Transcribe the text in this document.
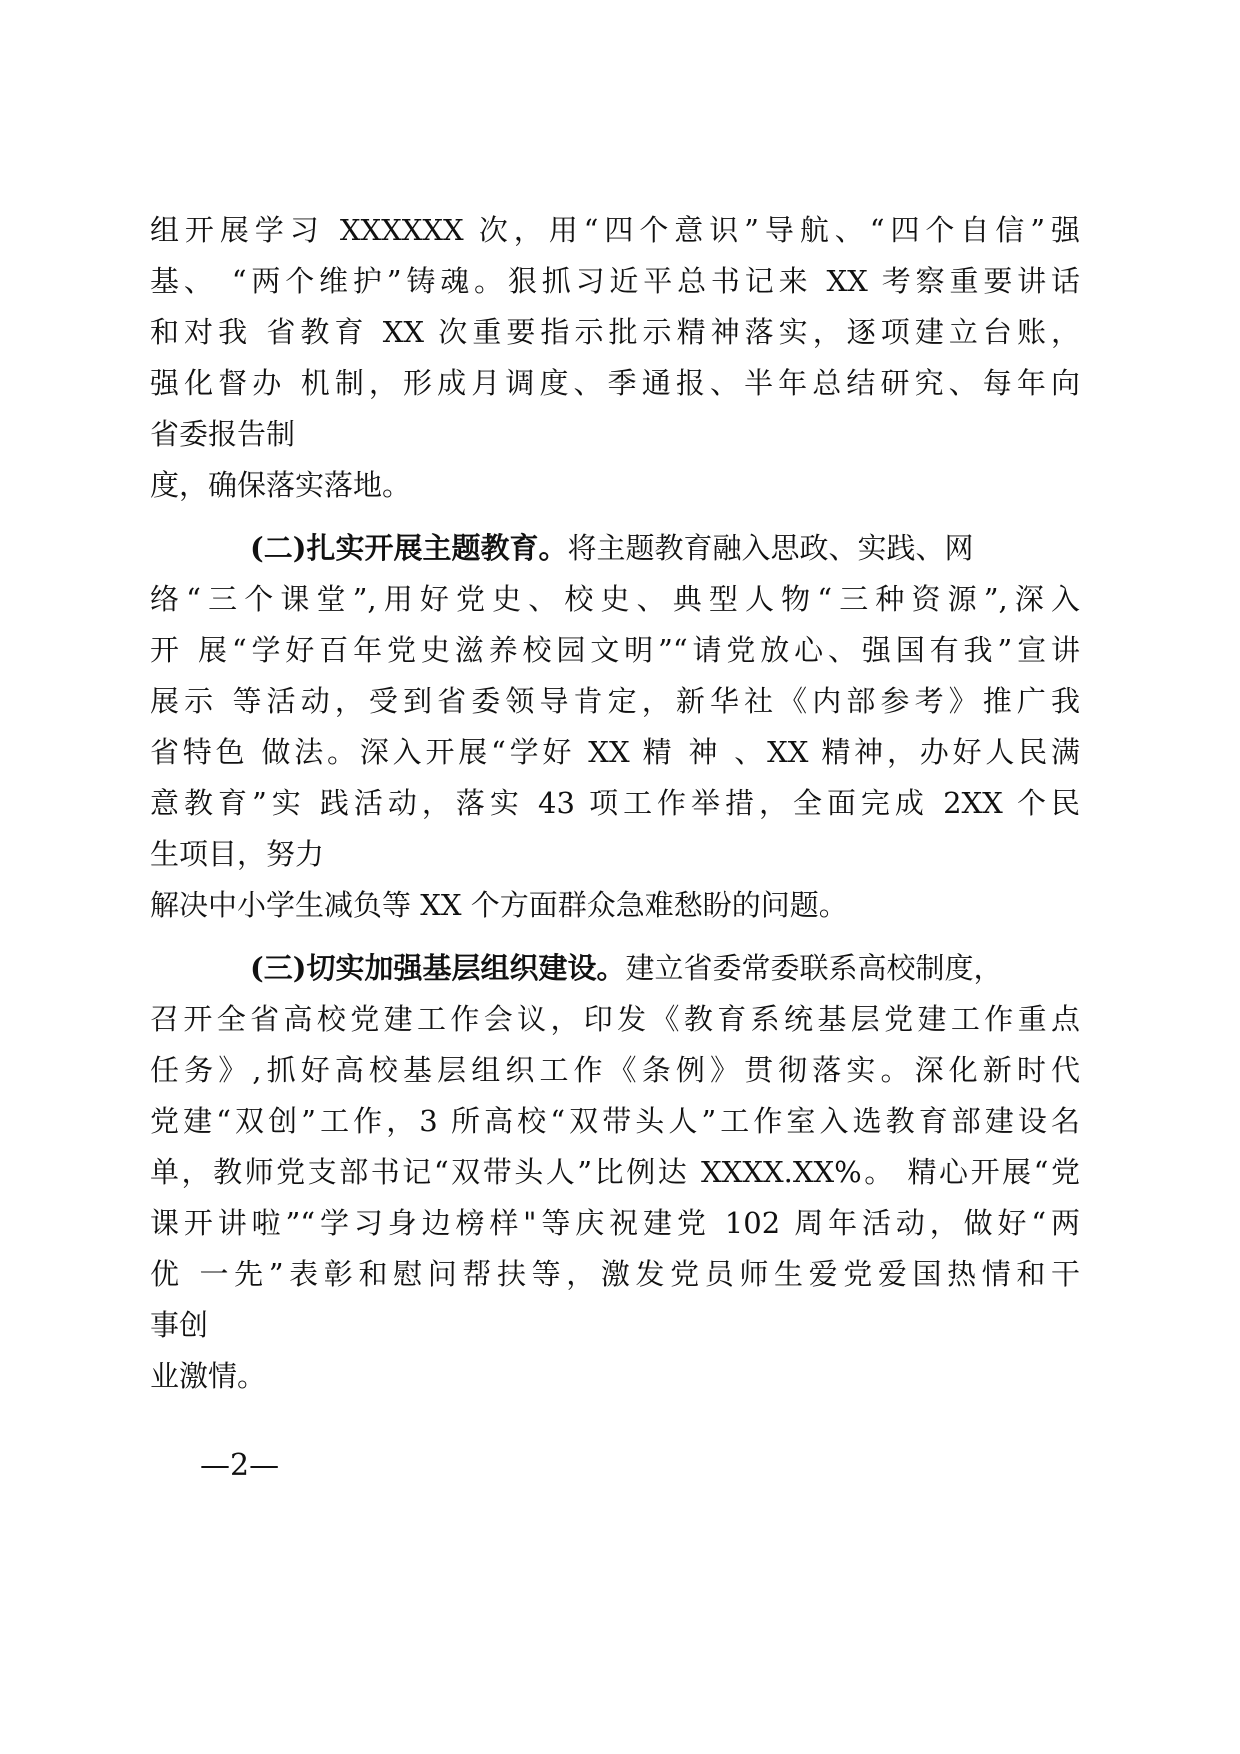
组开展学习 XXXXXX 次，用“四个意识”导航、“四个自信”强
基、 “两个维护”铸魂。狠抓习近平总书记来 XX 考察重要讲话
和对我 省教育 XX 次重要指示批示精神落实，逐项建立台账，
强化督办 机制，形成月调度、季通报、半年总结研究、每年向
省委报告制
度，确保落实落地。
(二)扎实开展主题教育。将主题教育融入思政、实践、网
络“三个课堂”,用好党史、校史、典型人物“三种资源”,深入
开 展“学好百年党史滋养校园文明”“请党放心、强国有我”宣讲
展示 等活动，受到省委领导肯定，新华社《内部参考》推广我
省特色 做法。深入开展“学好 XX 精 神 、XX 精神，办好人民满
意教育”实 践活动，落实 43 项工作举措，全面完成 2XX 个民
生项目，努力
解决中小学生减负等 XX 个方面群众急难愁盼的问题。
(三)切实加强基层组织建设。建立省委常委联系高校制度，
召开全省高校党建工作会议，印发《教育系统基层党建工作重点
任务》,抓好高校基层组织工作《条例》贯彻落实。深化新时代
党建“双创”工作，3 所高校“双带头人”工作室入选教育部建设名
单，教师党支部书记“双带头人”比例达 XXXX.XX%。 精心开展“党
课开讲啦”“学习身边榜样"等庆祝建党 102 周年活动，做好“两
优 一先”表彰和慰问帮扶等，激发党员师生爱党爱国热情和干
事创
业激情。
—2—
